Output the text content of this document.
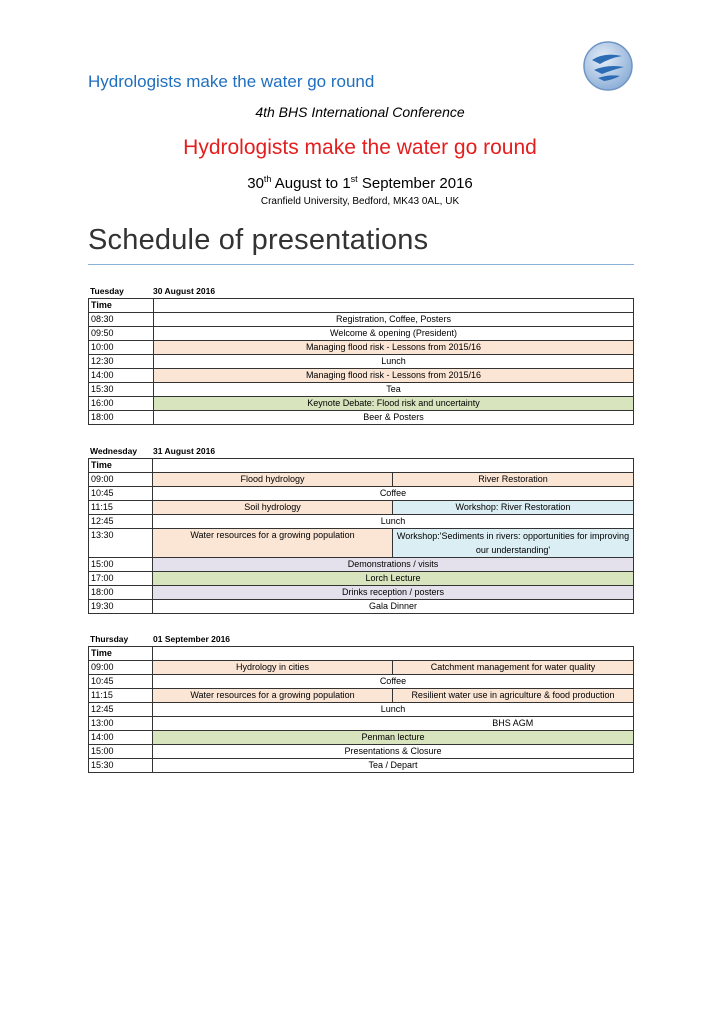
Hydrologists make the water go round
4th BHS International Conference
Hydrologists make the water go round
30th August to 1st September 2016
Cranfield University, Bedford, MK43 0AL, UK
Schedule of presentations
Tuesday	30 August 2016
Time	
08:30	Registration, Coffee, Posters
09:50	Welcome & opening (President)
10:00	Managing flood risk - Lessons from 2015/16
12:30	Lunch
14:00	Managing flood risk - Lessons from 2015/16
15:30	Tea
16:00	Keynote Debate: Flood risk and uncertainty
18:00	Beer & Posters
Wednesday 31 August 2016
Time		
09:00	Flood hydrology	River Restoration
10:45	Coffee	
11:15	Soil hydrology	Workshop: River Restoration
12:45	Lunch	
13:30	Water resources for a growing population	Workshop:'Sediments in rivers: opportunities for improving our understanding'
15:00	Demonstrations / visits	
17:00	Lorch Lecture	
18:00	Drinks reception / posters	
19:30	Gala Dinner	
Thursday	01 September 2016
Time		
09:00	Hydrology in cities	Catchment management for water quality
10:45	Coffee	
11:15	Water resources for a growing population	Resilient water use in agriculture & food production
12:45	Lunch	
13:00		BHS AGM
14:00	Penman lecture	
15:00	Presentations & Closure	
15:30	Tea / Depart	
